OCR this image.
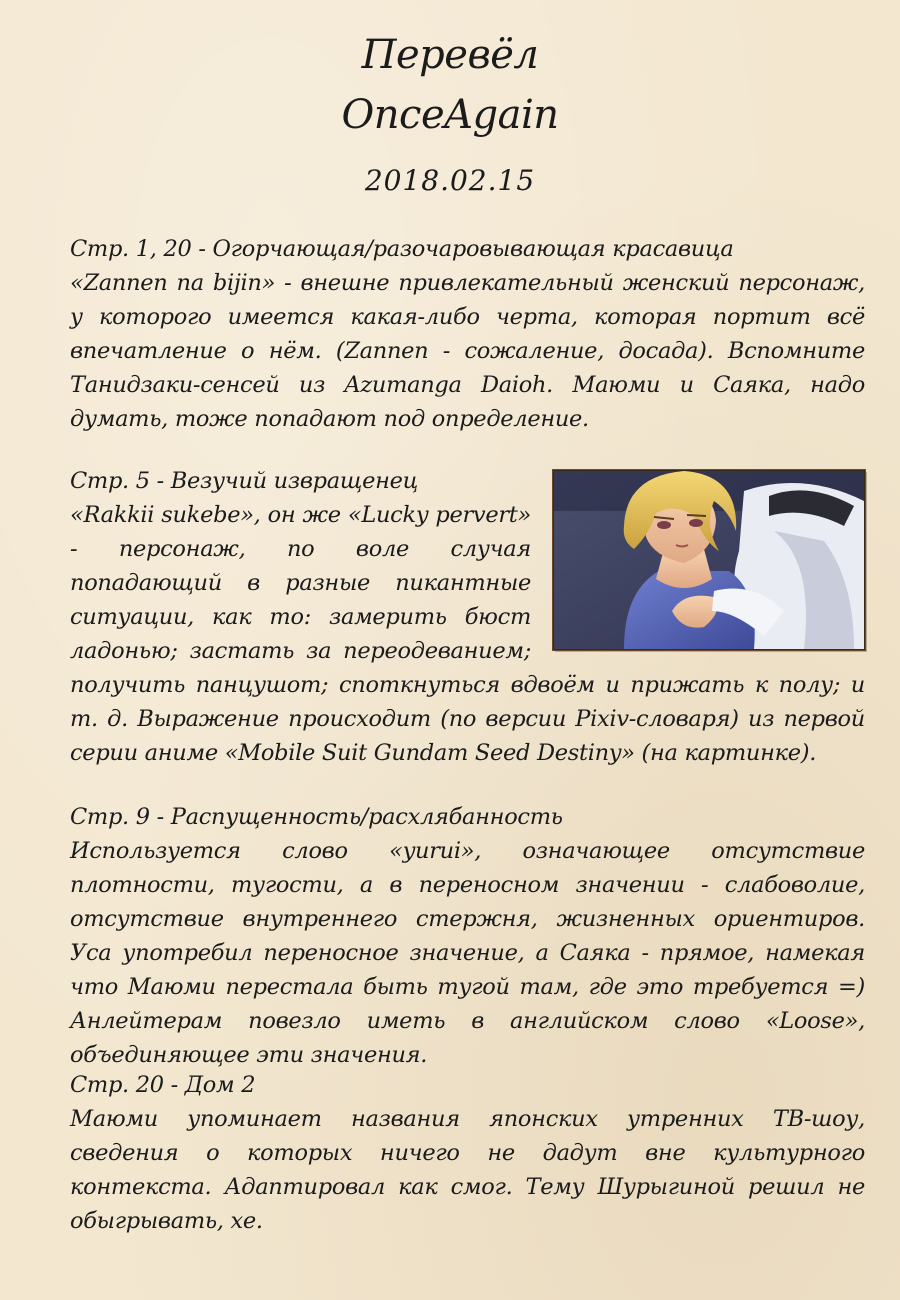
Перевёл
OnceAgain
2018.02.15
Стр. 1, 20 - Огорчающая/разочаровывающая красавица
«Zannen na bijin» - внешне привлекательный женский персонаж, у которого имеется какая-либо черта, которая портит всё впечатление о нём. (Zannen - сожаление, досада). Вспомните Танидзаки-сенсей из Azumanga Daioh. Маюми и Саяка, надо думать, тоже попадают под определение.
Стр. 5 - Везучий извращенец
«Rakkii sukebe», он же «Lucky pervert» - персонаж, по воле случая попадающий в разные пикантные ситуации, как то: замерить бюст ладонью; застать за переодеванием; получить панцушот; споткнуться вдвоём и прижать к полу; и т. д. Выражение происходит (по версии Pixiv-словаря) из первой серии аниме «Mobile Suit Gundam Seed Destiny» (на картинке).
Стр. 9 - Распущенность/расхлябанность
Используется слово «yurui», означающее отсутствие плотности, тугости, а в переносном значении - слабоволие, отсутствие внутреннего стержня, жизненных ориентиров. Уса употребил переносное значение, а Саяка - прямое, намекая что Маюми перестала быть тугой там, где это требуется =) Анлейтерам повезло иметь в английском слово «Loose», объединяющее эти значения.
Стр. 20 - Дом 2
Маюми упоминает названия японских утренних ТВ-шоу, сведения о которых ничего не дадут вне культурного контекста. Адаптировал как смог. Тему Шурыгиной решил не обыгрывать, хе.
